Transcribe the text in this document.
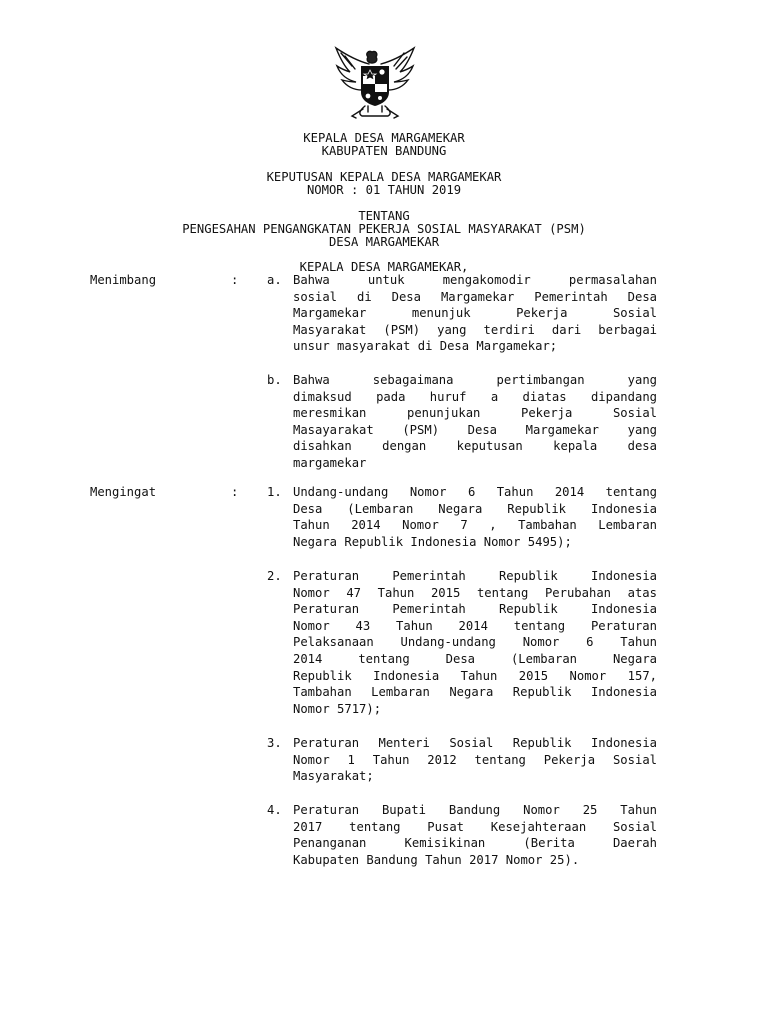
KEPALA DESA MARGAMEKAR
KABUPATEN BANDUNG
KEPUTUSAN KEPALA DESA MARGAMEKAR
NOMOR : 01 TAHUN 2019
TENTANG
PENGESAHAN PENGANGKATAN PEKERJA SOSIAL MASYARAKAT (PSM)
DESA MARGAMEKAR
KEPALA DESA MARGAMEKAR,
Menimbang	: a. Bahwa untuk mengakomodir permasalahan
sosial di Desa Margamekar Pemerintah Desa
Margamekar menunjuk Pekerja Sosial
Masyarakat (PSM) yang terdiri dari berbagai
unsur masyarakat di Desa Margamekar;
b. Bahwa sebagaimana pertimbangan yang
dimaksud pada huruf a diatas dipandang
meresmikan penunjukan Pekerja Sosial
Masayarakat (PSM) Desa Margamekar yang
disahkan dengan keputusan kepala desa
margamekar
Mengingat	: 1. Undang-undang Nomor 6 Tahun 2014 tentang
Desa (Lembaran Negara Republik Indonesia
Tahun 2014 Nomor 7 , Tambahan Lembaran
Negara Republik Indonesia Nomor 5495);
2. Peraturan Pemerintah Republik Indonesia
Nomor 47 Tahun 2015 tentang Perubahan atas
Peraturan Pemerintah Republik Indonesia
Nomor 43 Tahun 2014 tentang Peraturan
Pelaksanaan Undang-undang Nomor 6 Tahun
2014 tentang Desa (Lembaran Negara
Republik Indonesia Tahun 2015 Nomor 157,
Tambahan Lembaran Negara Republik Indonesia
Nomor 5717);
3. Peraturan Menteri Sosial Republik Indonesia
Nomor 1 Tahun 2012 tentang Pekerja Sosial
Masyarakat;
4. Peraturan Bupati Bandung Nomor 25 Tahun
2017 tentang Pusat Kesejahteraan Sosial
Penanganan Kemisikinan (Berita Daerah
Kabupaten Bandung Tahun 2017 Nomor 25).
